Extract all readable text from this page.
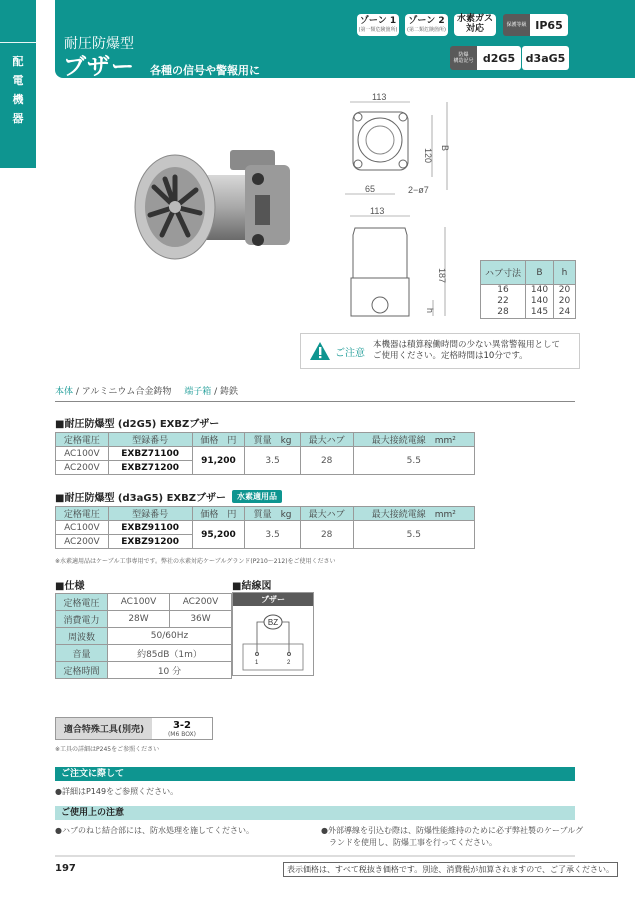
配
電
機
器
耐圧防爆型
ブザー 各種の信号や警報用に
ゾーン 1
(第一類危険箇所)
ゾーン 2
(第二類危険箇所)
水素ガス
対応	保護等級 IP65
防爆
構造記号 d2G5 d3aG5
113
120 B
65	2−ø7
113
187
h
ハブ寸法	B	h
16	140	20
22	140	20
28	145	24
ご注意
本機器は積算稼働時間の少ない異常警報用として
ご使用ください。定格時間は10分です。
本体 / アルミニウム合金鋳物 端子箱 / 鋳鉄
■耐圧防爆型 (d2G5) EXBZブザー
定格電圧	型録番号	価格　円	質量　kg	最大ハブ	最大接続電線　mm²
AC100V	EXBZ71100	91,200	3.5	28	5.5
AC200V	EXBZ71200				
■耐圧防爆型 (d3aG5) EXBZブザー	水素適用品
定格電圧	型録番号	価格　円	質量　kg	最大ハブ	最大接続電線　mm²
AC100V	EXBZ91100	95,200	3.5	28	5.5
AC200V	EXBZ91200				
※水素適用品はケーブル工事専用です。弊社の水素対応ケーブルグランド(P210～212)をご使用ください
■仕様
定格電圧	AC100V	AC200V
消費電力	28W	36W
周波数	50/60Hz	
音量	約85dB（1m）	
定格時間	10 分	
■結線図
ブザー
BZ
1	2
適合特殊工具(別売)	3-2
(M6 BOX)
※工具の詳細はP245をご参照ください
ご注文に際して
●詳細はP149をご参照ください。
ご使用上の注意
●ハブのねじ結合部には、防水処理を施してください。	●外部導線を引込む際は、防爆性能維持のために必ず弊社製のケーブルグ
ランドを使用し、防爆工事を行ってください。
197	表示価格は、すべて税抜き価格です。別途、消費税が加算されますので、ご了承ください。
